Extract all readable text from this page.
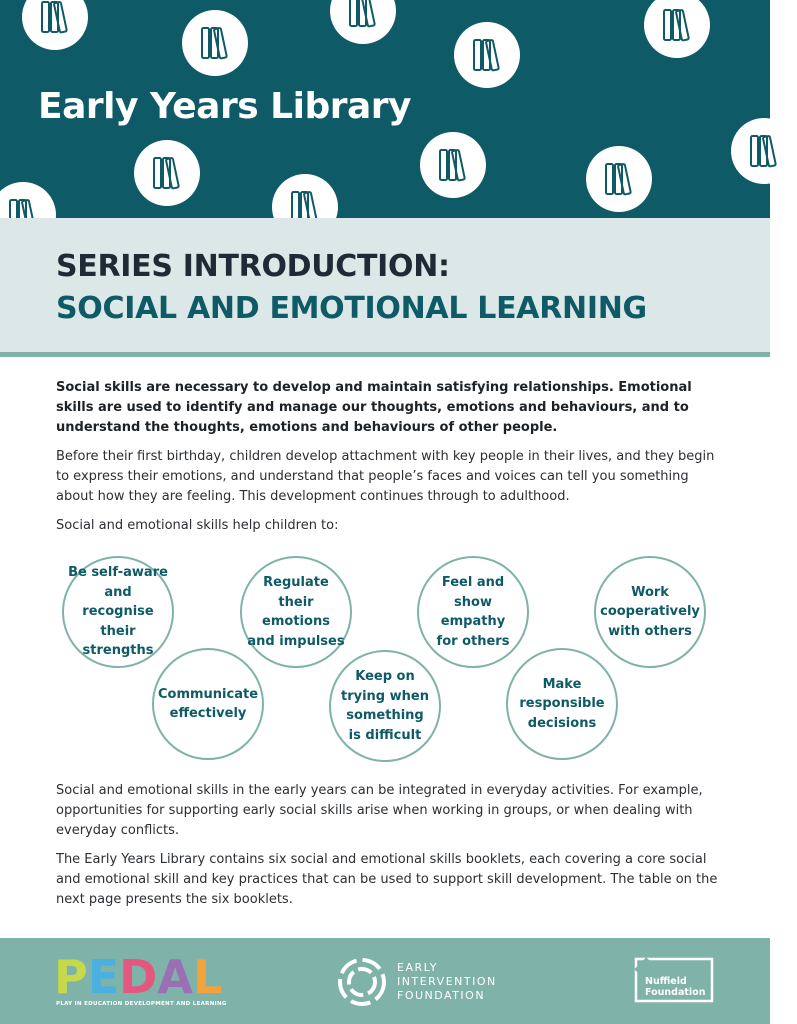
Early Years Library
SERIES INTRODUCTION:
SOCIAL AND EMOTIONAL LEARNING
Social skills are necessary to develop and maintain satisfying relationships. Emotional skills are used to identify and manage our thoughts, emotions and behaviours, and to understand the thoughts, emotions and behaviours of other people.
Before their first birthday, children develop attachment with key people in their lives, and they begin to express their emotions, and understand that people’s faces and voices can tell you something about how they are feeling. This development continues through to adulthood.
Social and emotional skills help children to:
Be self-aware
and recognise
their strengths
Regulate
their emotions
and impulses
Feel and
show empathy
for others
Work
cooperatively
with others
Communicate
effectively
Keep on
trying when
something
is difficult
Make
responsible
decisions
Social and emotional skills in the early years can be integrated in everyday activities. For example, opportunities for supporting early social skills arise when working in groups, or when dealing with everyday conflicts.
The Early Years Library contains six social and emotional skills booklets, each covering a core social and emotional skill and key practices that can be used to support skill development. The table on the next page presents the six booklets.
PEDAL
PLAY IN EDUCATION DEVELOPMENT AND LEARNING
EARLY
INTERVENTION
FOUNDATION
Nuffield
Foundation
